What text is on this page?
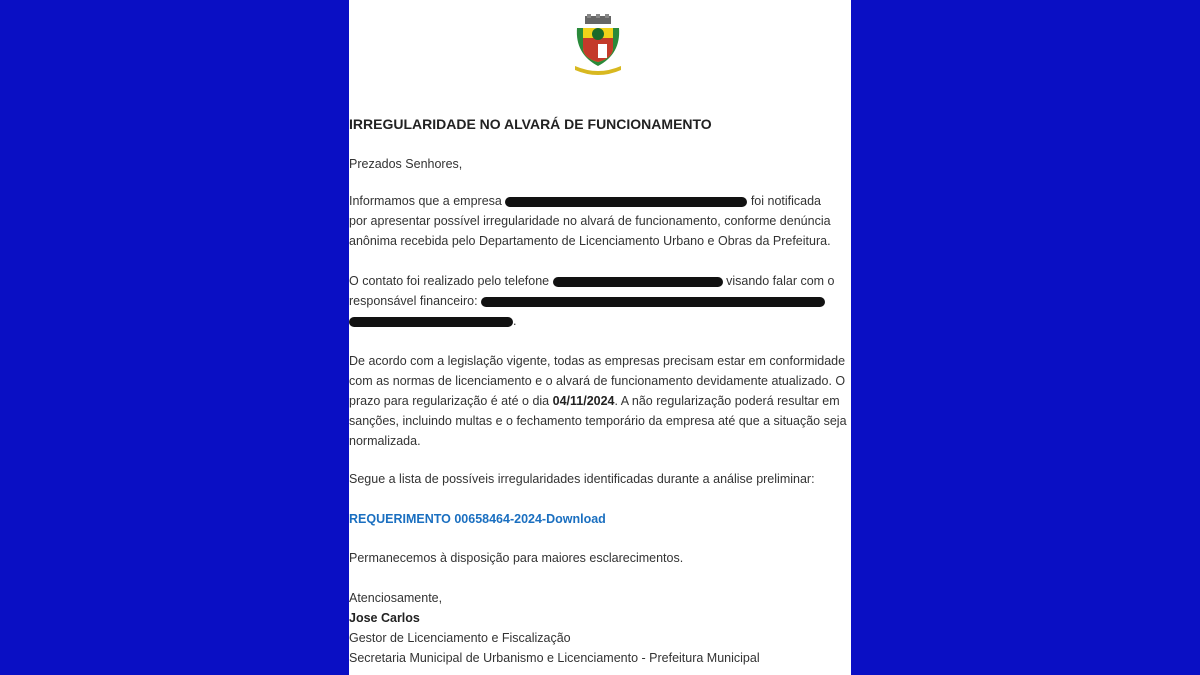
IRREGULARIDADE NO ALVARÁ DE FUNCIONAMENTO
Prezados Senhores,
Informamos que a empresa	foi notificada
por apresentar possível irregularidade no alvará de funcionamento, conforme denúncia
anônima recebida pelo Departamento de Licenciamento Urbano e Obras da Prefeitura.
O contato foi realizado pelo telefone	visando falar com o
responsável financeiro:
.
De acordo com a legislação vigente, todas as empresas precisam estar em conformidade
com as normas de licenciamento e o alvará de funcionamento devidamente atualizado. O
prazo para regularização é até o dia 04/11/2024. A não regularização poderá resultar em
sanções, incluindo multas e o fechamento temporário da empresa até que a situação seja
normalizada.
Segue a lista de possíveis irregularidades identificadas durante a análise preliminar:
REQUERIMENTO 00658464-2024-Download
Permanecemos à disposição para maiores esclarecimentos.
Atenciosamente,
Jose Carlos
Gestor de Licenciamento e Fiscalização
Secretaria Municipal de Urbanismo e Licenciamento - Prefeitura Municipal
